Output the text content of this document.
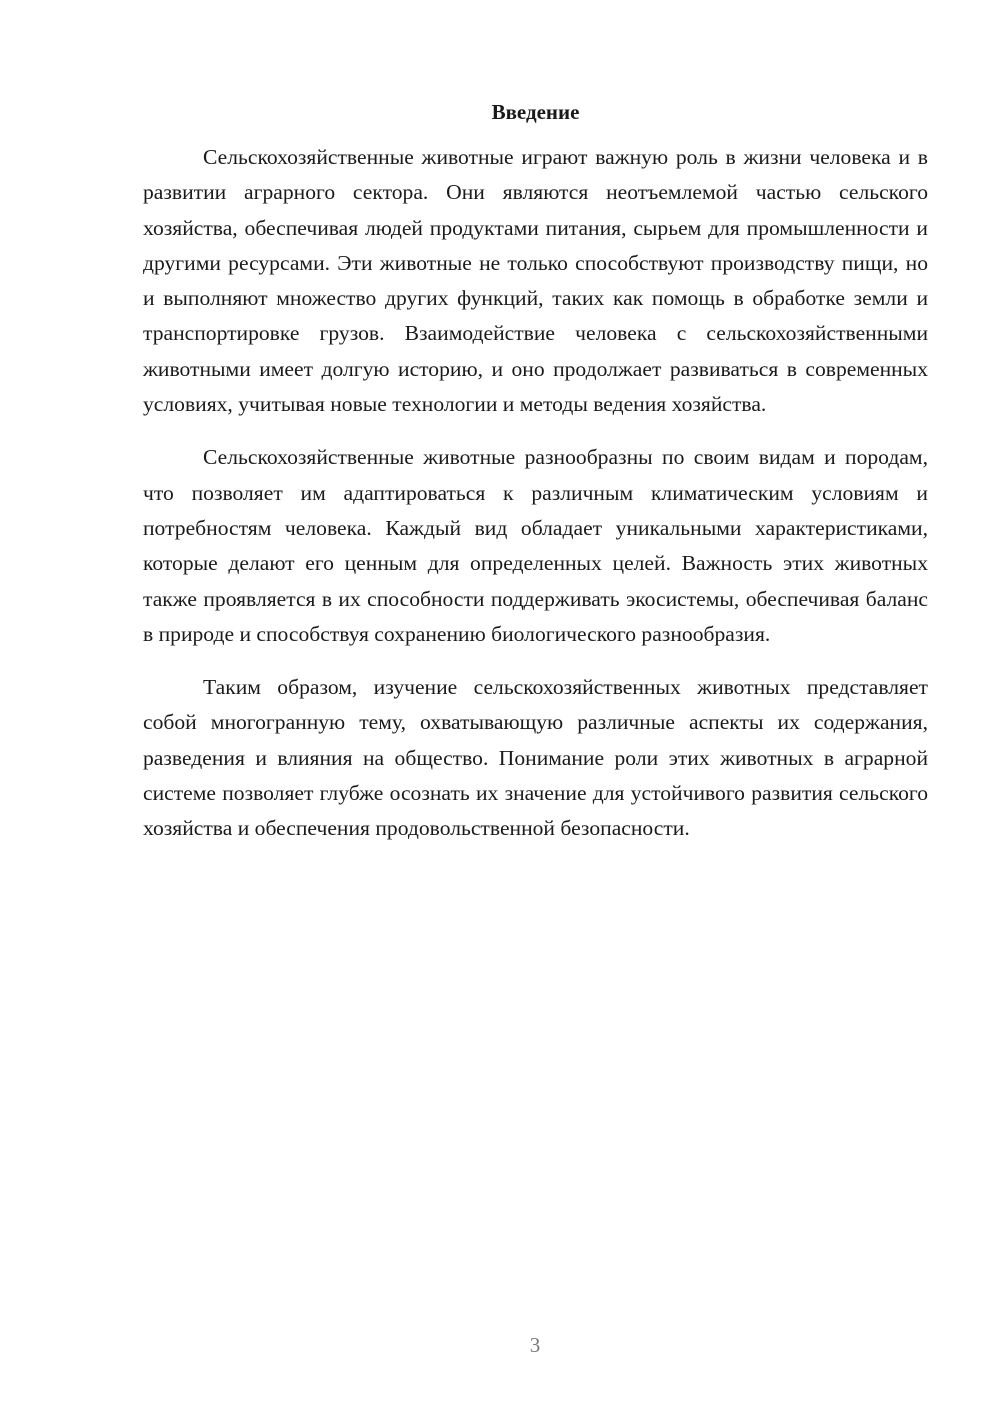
Введение

Сельскохозяйственные животные играют важную роль в жизни человека и в развитии аграрного сектора. Они являются неотъемлемой частью сельского хозяйства, обеспечивая людей продуктами питания, сырьем для промышленности и другими ресурсами. Эти животные не только способствуют производству пищи, но и выполняют множество других функций, таких как помощь в обработке земли и транспортировке грузов. Взаимодействие человека с сельскохозяйственными животными имеет долгую историю, и оно продолжает развиваться в современных условиях, учитывая новые технологии и методы ведения хозяйства.

Сельскохозяйственные животные разнообразны по своим видам и породам, что позволяет им адаптироваться к различным климатическим условиям и потребностям человека. Каждый вид обладает уникальными характеристиками, которые делают его ценным для определенных целей. Важность этих животных также проявляется в их способности поддерживать экосистемы, обеспечивая баланс в природе и способствуя сохранению биологического разнообразия.

Таким образом, изучение сельскохозяйственных животных представляет собой многогранную тему, охватывающую различные аспекты их содержания, разведения и влияния на общество. Понимание роли этих животных в аграрной системе позволяет глубже осознать их значение для устойчивого развития сельского хозяйства и обеспечения продовольственной безопасности.

3
